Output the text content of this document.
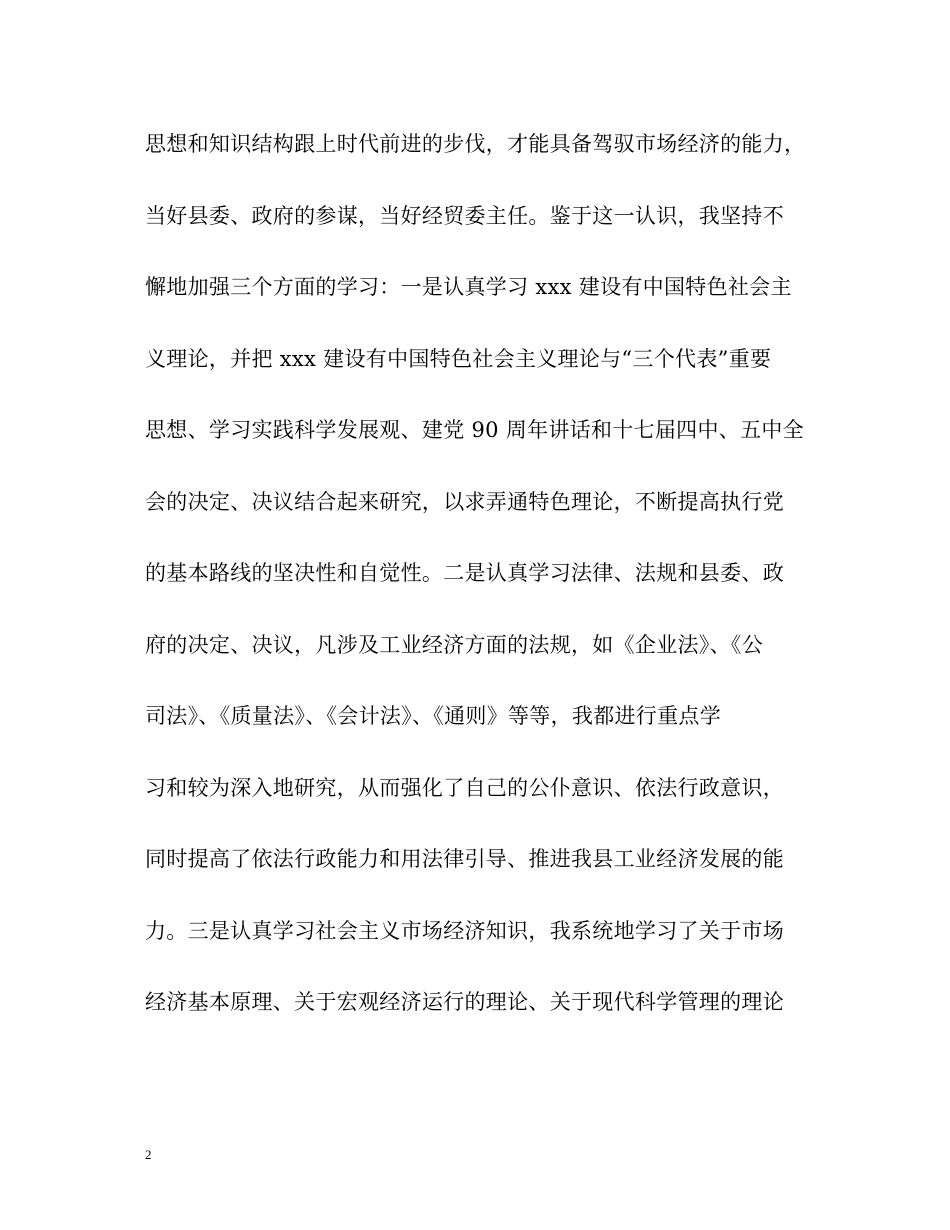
思想和知识结构跟上时代前进的步伐，才能具备驾驭市场经济的能力，
当好县委、政府的参谋，当好经贸委主任。鉴于这一认识，我坚持不
懈地加强三个方面的学习：一是认真学习 xxx 建设有中国特色社会主
义理论，并把 xxx 建设有中国特色社会主义理论与“三个代表”重要
思想、学习实践科学发展观、建党 90 周年讲话和十七届四中、五中全
会的决定、决议结合起来研究，以求弄通特色理论，不断提高执行党
的基本路线的坚决性和自觉性。二是认真学习法律、法规和县委、政
府的决定、决议，凡涉及工业经济方面的法规，如《企业法》、《公
司法》、《质量法》、《会计法》、《通则》等等，我都进行重点学
习和较为深入地研究，从而强化了自己的公仆意识、依法行政意识，
同时提高了依法行政能力和用法律引导、推进我县工业经济发展的能
力。三是认真学习社会主义市场经济知识，我系统地学习了关于市场
经济基本原理、关于宏观经济运行的理论、关于现代科学管理的理论
2
